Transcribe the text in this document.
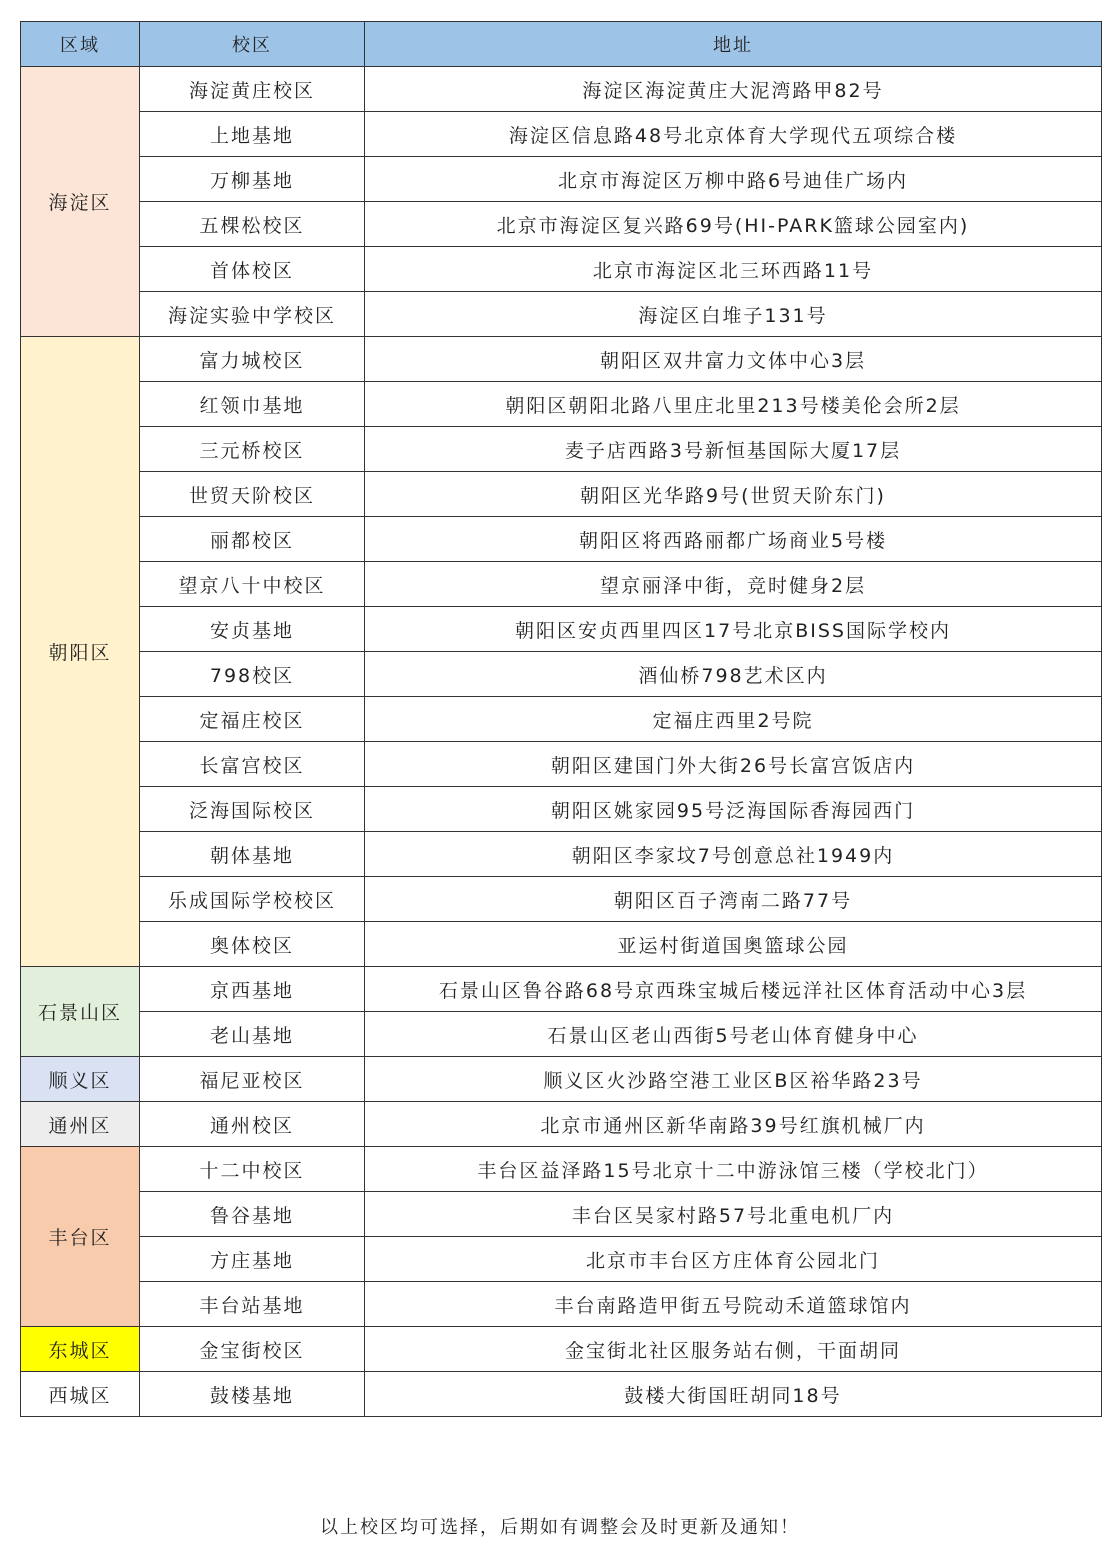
区域	校区	地址
海淀区	海淀黄庄校区	海淀区海淀黄庄大泥湾路甲82号
	上地基地	海淀区信息路48号北京体育大学现代五项综合楼
	万柳基地	北京市海淀区万柳中路6号迪佳广场内
	五棵松校区	北京市海淀区复兴路69号(HI-PARK篮球公园室内)
	首体校区	北京市海淀区北三环西路11号
	海淀实验中学校区	海淀区白堆子131号
朝阳区	富力城校区	朝阳区双井富力文体中心3层
	红领巾基地	朝阳区朝阳北路八里庄北里213号楼美伦会所2层
	三元桥校区	麦子店西路3号新恒基国际大厦17层
	世贸天阶校区	朝阳区光华路9号(世贸天阶东门)
	丽都校区	朝阳区将西路丽都广场商业5号楼
	望京八十中校区	望京丽泽中街，竞时健身2层
	安贞基地	朝阳区安贞西里四区17号北京BISS国际学校内
	798校区	酒仙桥798艺术区内
	定福庄校区	定福庄西里2号院
	长富宫校区	朝阳区建国门外大街26号长富宫饭店内
	泛海国际校区	朝阳区姚家园95号泛海国际香海园西门
	朝体基地	朝阳区李家坟7号创意总社1949内
	乐成国际学校校区	朝阳区百子湾南二路77号
	奥体校区	亚运村街道国奥篮球公园
石景山区	京西基地	石景山区鲁谷路68号京西珠宝城后楼远洋社区体育活动中心3层
	老山基地	石景山区老山西街5号老山体育健身中心
顺义区	福尼亚校区	顺义区火沙路空港工业区B区裕华路23号
通州区	通州校区	北京市通州区新华南路39号红旗机械厂内
丰台区	十二中校区	丰台区益泽路15号北京十二中游泳馆三楼（学校北门）
	鲁谷基地	丰台区吴家村路57号北重电机厂内
	方庄基地	北京市丰台区方庄体育公园北门
	丰台站基地	丰台南路造甲街五号院动禾道篮球馆内
东城区	金宝街校区	金宝街北社区服务站右侧，干面胡同
西城区	鼓楼基地	鼓楼大街国旺胡同18号
以上校区均可选择，后期如有调整会及时更新及通知！
